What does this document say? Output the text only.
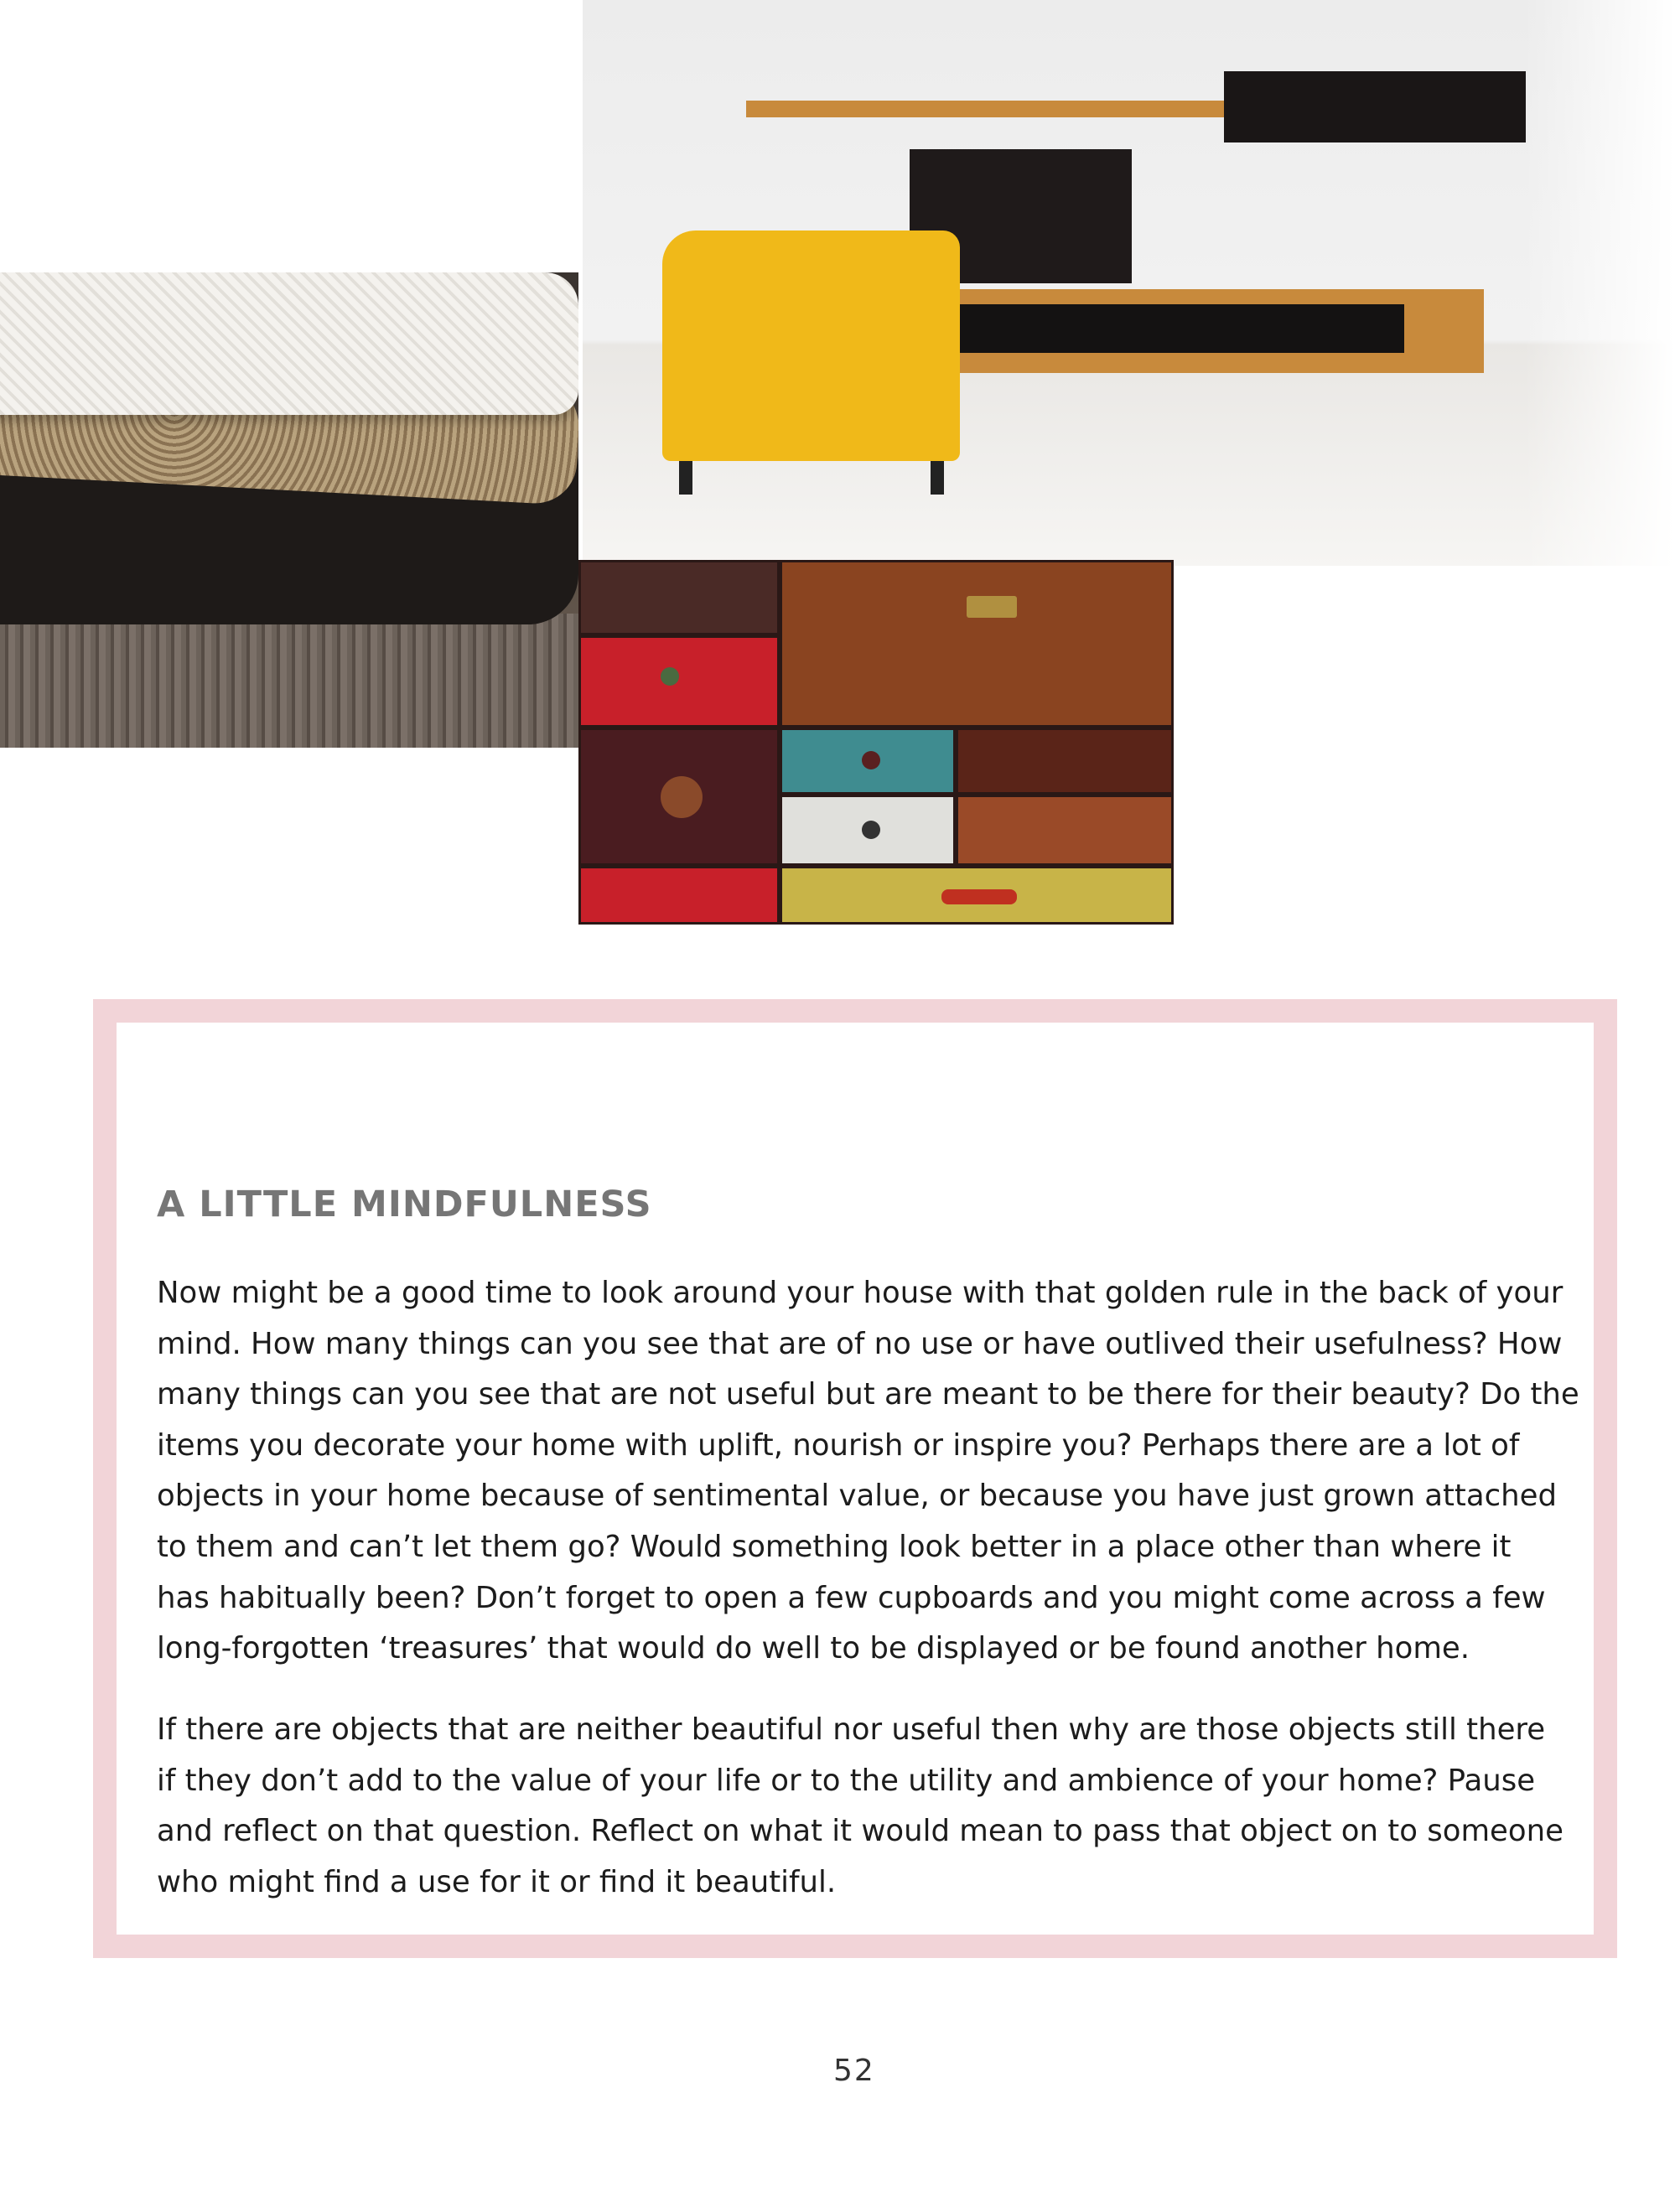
A LITTLE MINDFULNESS

Now might be a good time to look around your house with that golden rule in the back of your
mind. How many things can you see that are of no use or have outlived their usefulness? How
many things can you see that are not useful but are meant to be there for their beauty? Do the
items you decorate your home with uplift, nourish or inspire you? Perhaps there are a lot of
objects in your home because of sentimental value, or because you have just grown attached
to them and can’t let them go? Would something look better in a place other than where it
has habitually been? Don’t forget to open a few cupboards and you might come across a few
long-forgotten ‘treasures’ that would do well to be displayed or be found another home.

If there are objects that are neither beautiful nor useful then why are those objects still there
if they don’t add to the value of your life or to the utility and ambience of your home? Pause
and reflect on that question. Reflect on what it would mean to pass that object on to someone
who might find a use for it or find it beautiful.

52
